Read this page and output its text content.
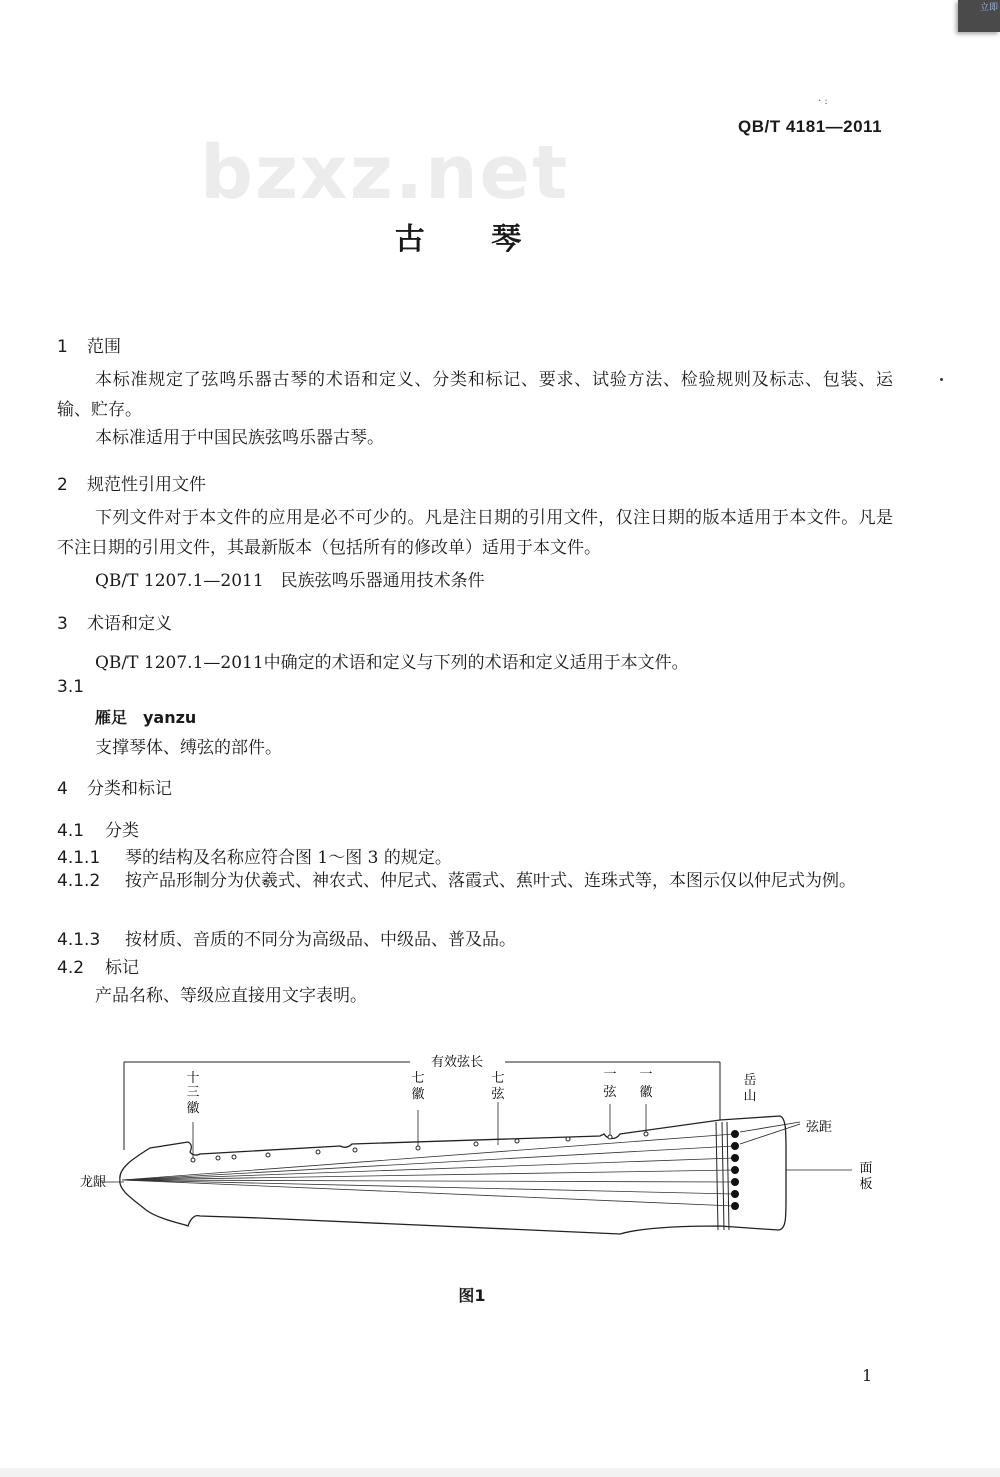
立即
· :
QB/T 4181—2011
bzxz.net
古 琴
1 范围
本标准规定了弦鸣乐器古琴的术语和定义、分类和标记、要求、试验方法、检验规则及标志、包装、运输、贮存。
本标准适用于中国民族弦鸣乐器古琴。
2 规范性引用文件
下列文件对于本文件的应用是必不可少的。凡是注日期的引用文件，仅注日期的版本适用于本文件。凡是不注日期的引用文件，其最新版本（包括所有的修改单）适用于本文件。
QB/T 1207.1—2011　民族弦鸣乐器通用技术条件
3 术语和定义
QB/T 1207.1—2011中确定的术语和定义与下列的术语和定义适用于本文件。
3.1
雁足　yanzu
支撑琴体、缚弦的部件。
4 分类和标记
4.1 分类
4.1.1 琴的结构及名称应符合图 1～图 3 的规定。
4.1.2 按产品形制分为伏羲式、神农式、仲尼式、落霞式、蕉叶式、连珠式等，本图示仅以仲尼式为例。
4.1.3 按材质、音质的不同分为高级品、中级品、普及品。
4.2 标记
产品名称、等级应直接用文字表明。
有效弦长
十
三
徽
七
徽
七
弦
一
弦
一
徽
岳
山
弦距
面
板
龙龈
图1
1
